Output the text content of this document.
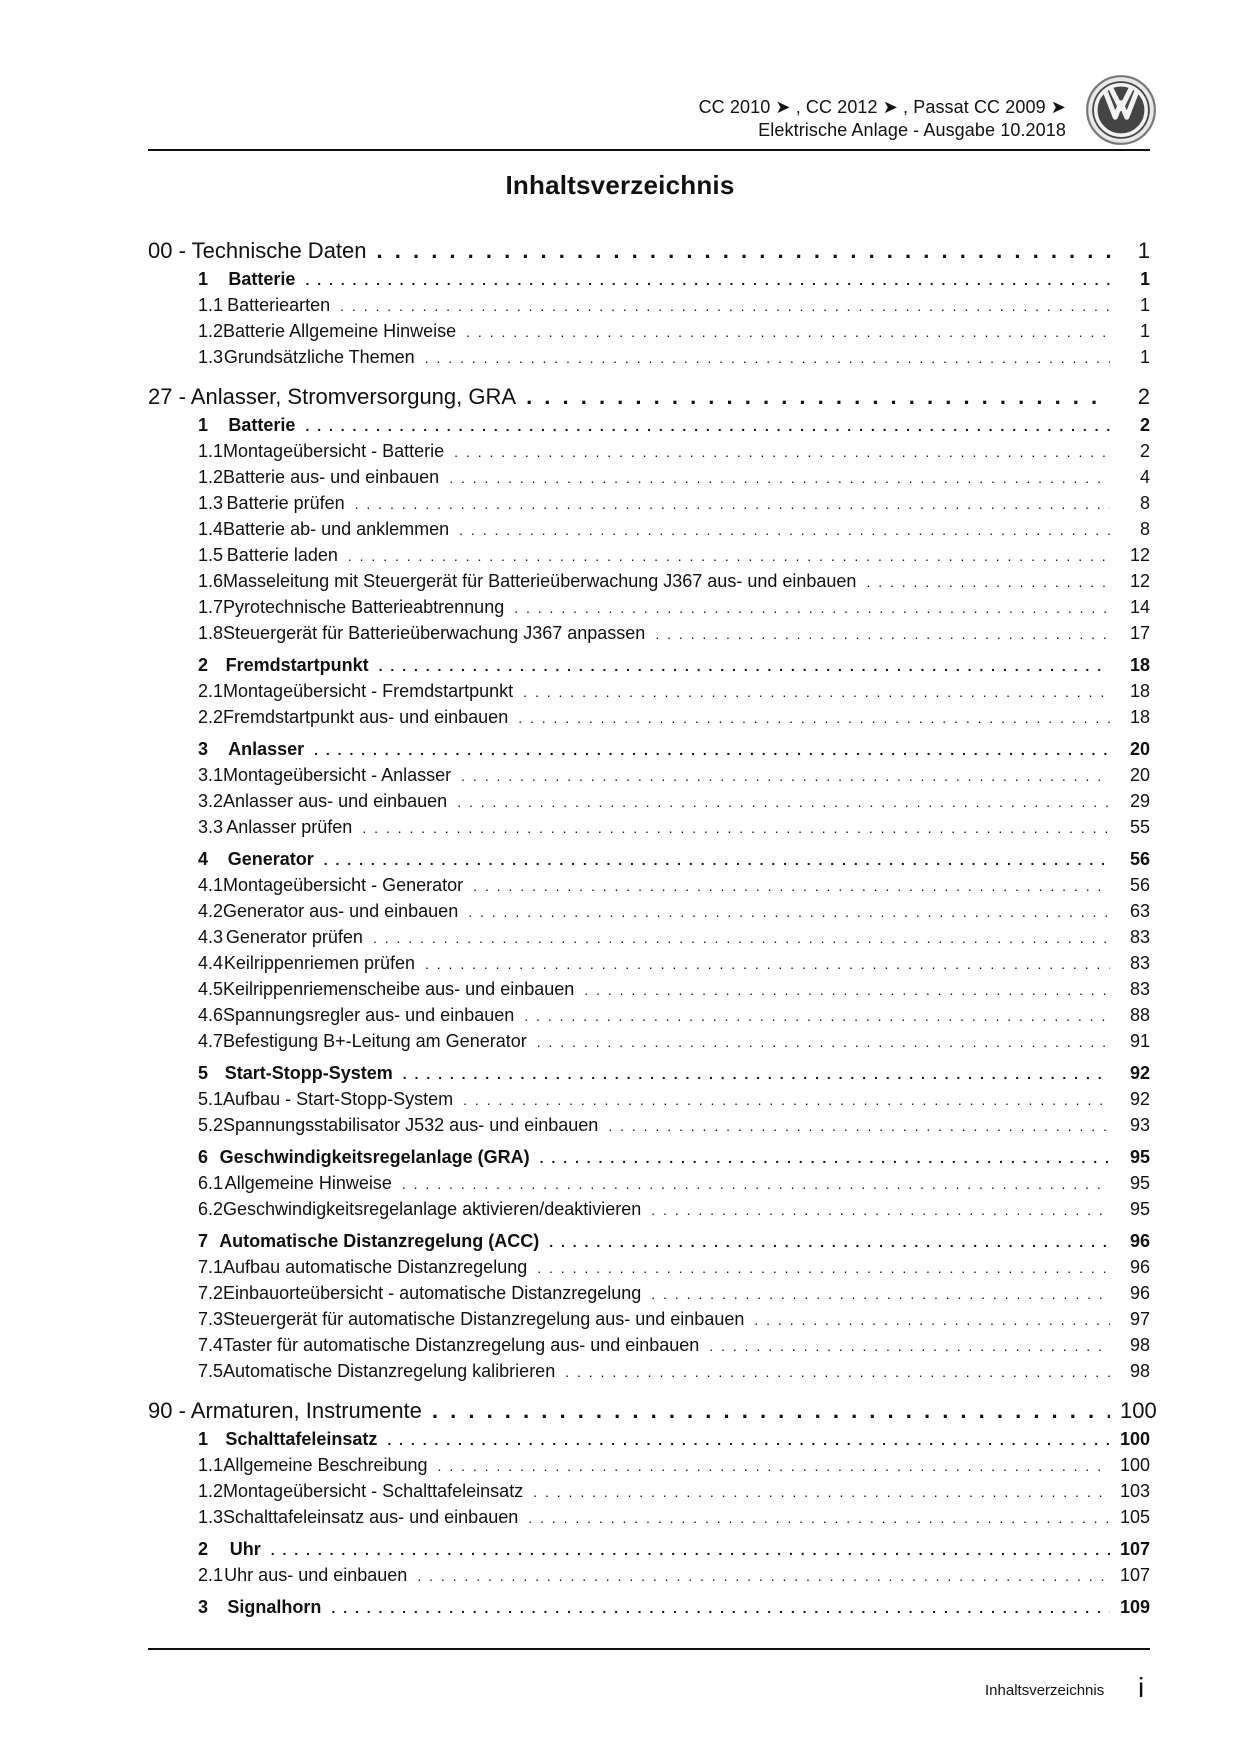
CC 2010 ➤ , CC 2012 ➤ , Passat CC 2009 ➤
Elektrische Anlage - Ausgabe 10.2018
Inhaltsverzeichnis
00 - Technische Daten . . .	1
1	Batterie . . .	1
1.1 Batteriearten . . .	1
1.2 Batterie Allgemeine Hinweise . . .	1
1.3 Grundsätzliche Themen . . .	1
27 - Anlasser, Stromversorgung, GRA . . .	2
1	Batterie . . .	2
1.1 Montageübersicht - Batterie . . .	2
1.2 Batterie aus- und einbauen . . .	4
1.3 Batterie prüfen . . .	8
1.4 Batterie ab- und anklemmen . . .	8
1.5 Batterie laden . . .	12
1.6 Masseleitung mit Steuergerät für Batterieüberwachung J367 aus- und einbauen . . .	12
1.7 Pyrotechnische Batterieabtrennung . . .	14
1.8 Steuergerät für Batterieüberwachung J367 anpassen . . .	17
2 Fremdstartpunkt . . .	18
2.1 Montageübersicht - Fremdstartpunkt . . .	18
2.2 Fremdstartpunkt aus- und einbauen . . .	18
3	Anlasser . . .	20
3.1 Montageübersicht - Anlasser . . .	20
3.2 Anlasser aus- und einbauen . . .	29
3.3 Anlasser prüfen . . .	55
4	Generator . . .	56
4.1 Montageübersicht - Generator . . .	56
4.2 Generator aus- und einbauen . . .	63
4.3 Generator prüfen . . .	83
4.4 Keilrippenriemen prüfen . . .	83
4.5 Keilrippenriemenscheibe aus- und einbauen . . .	83
4.6 Spannungsregler aus- und einbauen . . .	88
4.7 Befestigung B+-Leitung am Generator . . .	91
5 Start-Stopp-System . . .	92
5.1 Aufbau - Start-Stopp-System . . .	92
5.2 Spannungsstabilisator J532 aus- und einbauen . . .	93
6 Geschwindigkeitsregelanlage (GRA) . . .	95
6.1 Allgemeine Hinweise . . .	95
6.2 Geschwindigkeitsregelanlage aktivieren/deaktivieren . . .	95
7 Automatische Distanzregelung (ACC) . . .	96
7.1 Aufbau automatische Distanzregelung . . .	96
7.2 Einbauorteübersicht - automatische Distanzregelung . . .	96
7.3 Steuergerät für automatische Distanzregelung aus- und einbauen . . .	97
7.4 Taster für automatische Distanzregelung aus- und einbauen . . .	98
7.5 Automatische Distanzregelung kalibrieren . . .	98
90 - Armaturen, Instrumente . . .	100
1 Schalttafeleinsatz . . .	100
1.1 Allgemeine Beschreibung . . .	100
1.2 Montageübersicht - Schalttafeleinsatz . . .	103
1.3 Schalttafeleinsatz aus- und einbauen . . .	105
2	Uhr . . .	107
2.1 Uhr aus- und einbauen . . .	107
3	Signalhorn . . .	109
Inhaltsverzeichnis i
